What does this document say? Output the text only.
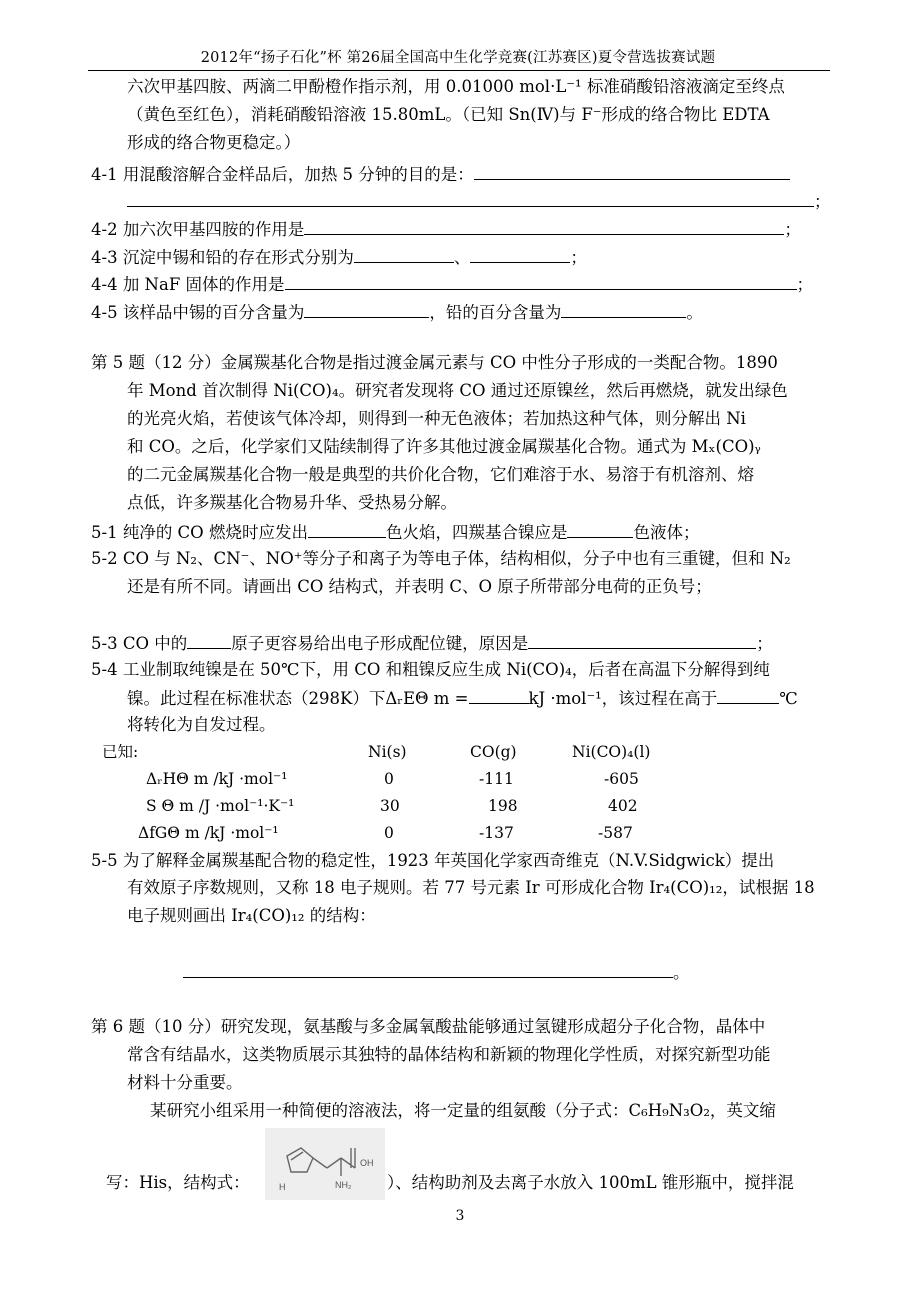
2012年“扬子石化”杯 第26届全国高中生化学竞赛(江苏赛区)夏令营选拔赛试题
六次甲基四胺、两滴二甲酚橙作指示剂，用 0.01000 mol·L⁻¹ 标准硝酸铅溶液滴定至终点
（黄色至红色），消耗硝酸铅溶液 15.80mL。（已知 Sn(Ⅳ)与 F⁻形成的络合物比 EDTA
形成的络合物更稳定。）
4-1 用混酸溶解合金样品后，加热 5 分钟的目的是：
；
4-2 加六次甲基四胺的作用是	；
4-3 沉淀中锡和铅的存在形式分别为	、	；
4-4 加 NaF 固体的作用是	；
4-5 该样品中锡的百分含量为	，铅的百分含量为	。
第 5 题（12 分）金属羰基化合物是指过渡金属元素与 CO 中性分子形成的一类配合物。1890
年 Mond 首次制得 Ni(CO)₄。研究者发现将 CO 通过还原镍丝，然后再燃烧，就发出绿色
的光亮火焰，若使该气体冷却，则得到一种无色液体；若加热这种气体，则分解出 Ni
和 CO。之后，化学家们又陆续制得了许多其他过渡金属羰基化合物。通式为 Mₓ(CO)ᵧ
的二元金属羰基化合物一般是典型的共价化合物，它们难溶于水、易溶于有机溶剂、熔
点低，许多羰基化合物易升华、受热易分解。
5-1 纯净的 CO 燃烧时应发出	色火焰，四羰基合镍应是	色液体；
5-2 CO 与 N₂、CN⁻、NO⁺等分子和离子为等电子体，结构相似，分子中也有三重键，但和 N₂
还是有所不同。请画出 CO 结构式，并表明 C、O 原子所带部分电荷的正负号；
5-3 CO 中的	原子更容易给出电子形成配位键，原因是	；
5-4 工业制取纯镍是在 50℃下，用 CO 和粗镍反应生成 Ni(CO)₄，后者在高温下分解得到纯
镍。此过程在标准状态（298K）下ΔᵣEΘ m =	kJ ·mol⁻¹，该过程在高于	℃
将转化为自发过程。
已知:	Ni(s)	CO(g)	Ni(CO)₄(l)
ΔᵣHΘ m /kJ ·mol⁻¹	0	-111	-605
S Θ m /J ·mol⁻¹·K⁻¹	30	198	402
ΔfGΘ m /kJ ·mol⁻¹	0	-137	-587
5-5 为了解释金属羰基配合物的稳定性，1923 年英国化学家西奇维克（N.V.Sidgwick）提出
有效原子序数规则，又称 18 电子规则。若 77 号元素 Ir 可形成化合物 Ir₄(CO)₁₂，试根据 18
电子规则画出 Ir₄(CO)₁₂ 的结构：
。
第 6 题（10 分）研究发现，氨基酸与多金属氧酸盐能够通过氢键形成超分子化合物，晶体中
常含有结晶水，这类物质展示其独特的晶体结构和新颖的物理化学性质，对探究新型功能
材料十分重要。
某研究小组采用一种简便的溶液法，将一定量的组氨酸（分子式：C₆H₉N₃O₂，英文缩
OH
NH₂
H
写：His，结构式：	）、结构助剂及去离子水放入 100mL 锥形瓶中，搅拌混
3
